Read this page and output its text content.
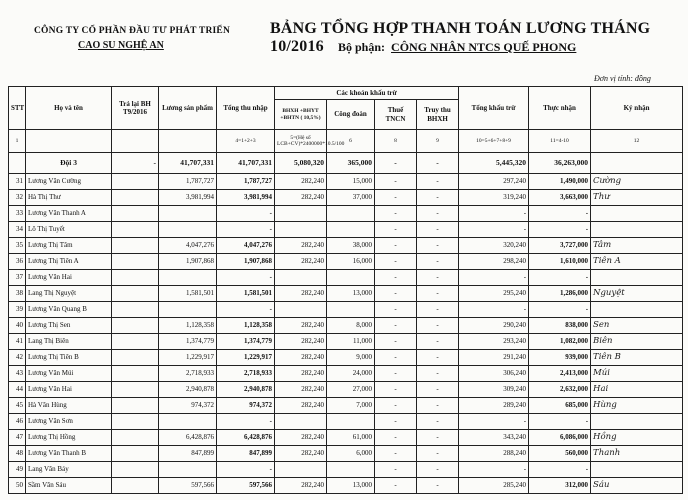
CÔNG TY CỔ PHẦN ĐẦU TƯ PHÁT TRIỂN
CAO SU NGHỆ AN
BẢNG TỔNG HỢP THANH TOÁN LƯƠNG THÁNG 10/2016	Bộ phận: CÔNG NHÂN NTCS QUẾ PHONG
Đơn vị tính: đồng
STT	Họ và tên	Trả lại BH T9/2016	Lương sản phẩm	Tổng thu nhập	Các khoản khấu trừ				Tổng khấu trừ	Thực nhận	Ký nhận
					BHXH +BHYT +BHTN ( 10,5%)	Công đoàn	Thuế TNCN	Truy thu BHXH			
1				4=1+2+3	5=(Hệ số LCB+CV)*2400000*10.5/100	6	8	9	10=5+6+7+8+9	11=4-10	12
	Đội 3	-	41,707,331	41,707,331	5,080,320	365,000	-	-	5,445,320	36,263,000	
31	Lương Văn Cường		1,787,727	1,787,727	282,240	15,000	-	-	297,240	1,490,000	Cường
32	Hà Thị Thư		3,981,994	3,981,994	282,240	37,000	-	-	319,240	3,663,000	Thư
33	Lương Văn Thanh A			-			-	-	-	-	
34	Lô Thị Tuyết			-			-	-	-	-	
35	Lương Thị Tâm		4,047,276	4,047,276	282,240	38,000	-	-	320,240	3,727,000	Tâm
36	Lương Thị Tiên A		1,907,868	1,907,868	282,240	16,000	-	-	298,240	1,610,000	Tiên A
37	Lương Văn Hai			-			-	-	-	-	
38	Lang Thị Nguyệt		1,581,501	1,581,501	282,240	13,000	-	-	295,240	1,286,000	Nguyệt
39	Lương Văn Quang B			-			-	-	-	-	
40	Lương Thị Sen		1,128,358	1,128,358	282,240	8,000	-	-	290,240	838,000	Sen
41	Lang Thị Biên		1,374,779	1,374,779	282,240	11,000	-	-	293,240	1,082,000	Biên
42	Lương Thị Tiên B		1,229,917	1,229,917	282,240	9,000	-	-	291,240	939,000	Tiên B
43	Lương Văn Múi		2,718,933	2,718,933	282,240	24,000	-	-	306,240	2,413,000	Múi
44	Lương Văn Hai		2,940,878	2,940,878	282,240	27,000	-	-	309,240	2,632,000	Hai
45	Hà Văn Hùng		974,372	974,372	282,240	7,000	-	-	289,240	685,000	Hùng
46	Lương Văn Sơn			-			-	-	-	-	
47	Lương Thị Hồng		6,428,876	6,428,876	282,240	61,000	-	-	343,240	6,086,000	Hồng
48	Lương Văn Thanh B		847,899	847,899	282,240	6,000	-	-	288,240	560,000	Thanh
49	Lang Văn Bảy			-			-	-	-	-	
50	Sầm Văn Sáu		597,566	597,566	282,240	13,000	-	-	285,240	312,000	Sáu
